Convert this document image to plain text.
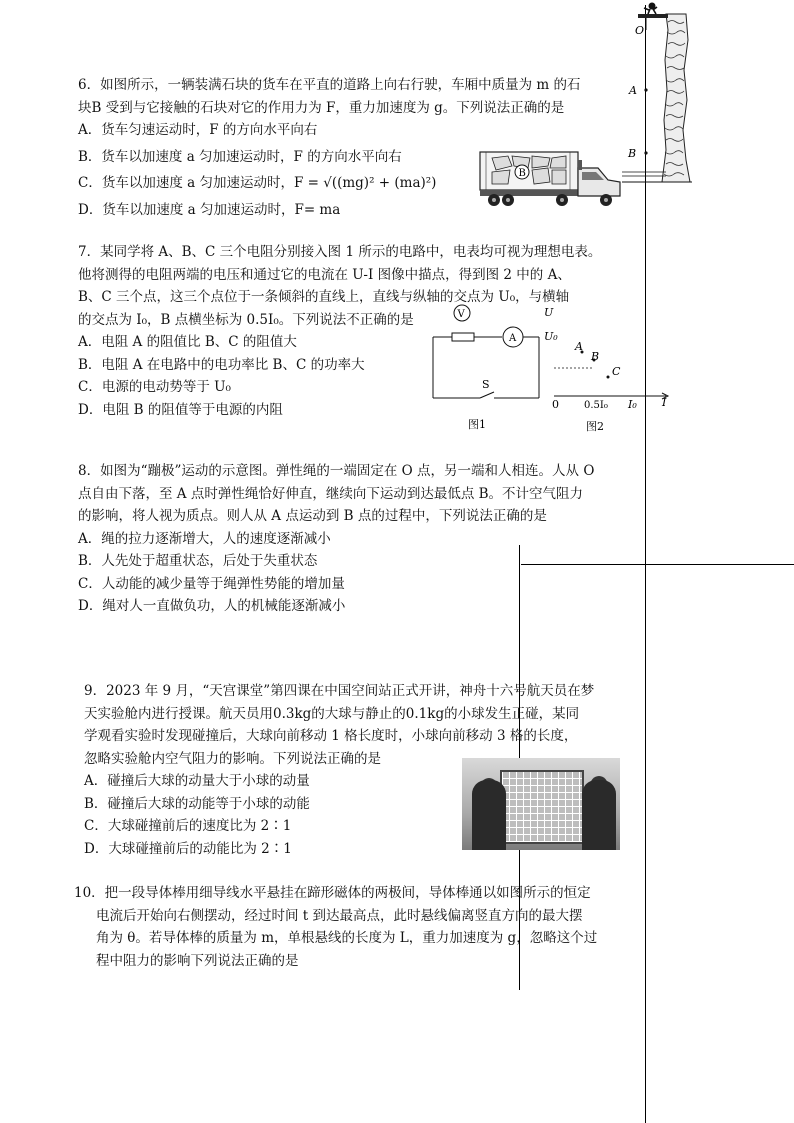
O
A
B

6．如图所示，一辆装满石块的货车在平直的道路上向右行驶，车厢中质量为 m 的石

块B 受到与它接触的石块对它的作用力为 F，重力加速度为 g。下列说法正确的是

A．货车匀速运动时，F 的方向水平向右

B．货车以加速度 a 匀加速运动时，F 的方向水平向右

C．货车以加速度 a 匀加速运动时，F = √((mg)² + (ma)²)

D．货车以加速度 a 匀加速运动时，F= ma

B

7．某同学将 A、B、C 三个电阻分别接入图 1 所示的电路中，电表均可视为理想电表。

他将测得的电阻两端的电压和通过它的电流在 U-I 图像中描点，得到图 2 中的 A、

B、C 三个点，这三个点位于一条倾斜的直线上，直线与纵轴的交点为 U₀，与横轴

的交点为 I₀，B 点横坐标为 0.5I₀。下列说法不正确的是

A．电阻 A 的阻值比 B、C 的阻值大

B．电阻 A 在电路中的电功率比 B、C 的功率大

C．电源的电动势等于 U₀

D．电阻 B 的阻值等于电源的内阻

V
A
S
图1
U
U₀
I
0	0.5I₀ I₀
A
B
C
图2

8．如图为“蹦极”运动的示意图。弹性绳的一端固定在 O 点，另一端和人相连。人从 O

点自由下落，至 A 点时弹性绳恰好伸直，继续向下运动到达最低点 B。不计空气阻力

的影响，将人视为质点。则人从 A 点运动到 B 点的过程中，下列说法正确的是

A．绳的拉力逐渐增大，人的速度逐渐减小

B．人先处于超重状态，后处于失重状态

C．人动能的减少量等于绳弹性势能的增加量

D．绳对人一直做负功，人的机械能逐渐减小

9．2023 年 9 月，“天宫课堂”第四课在中国空间站正式开讲，神舟十六号航天员在梦

天实验舱内进行授课。航天员用0.3kg的大球与静止的0.1kg的小球发生正碰，某同

学观看实验时发现碰撞后，大球向前移动 1 格长度时，小球向前移动 3 格的长度，

忽略实验舱内空气阻力的影响。下列说法正确的是

A．碰撞后大球的动量大于小球的动量

B．碰撞后大球的动能等于小球的动能

C．大球碰撞前后的速度比为 2∶1

D．大球碰撞前后的动能比为 2∶1

10．把一段导体棒用细导线水平悬挂在蹄形磁体的两极间，导体棒通以如图所示的恒定

电流后开始向右侧摆动，经过时间 t 到达最高点，此时悬线偏离竖直方向的最大摆

角为 θ。若导体棒的质量为 m，单根悬线的长度为 L，重力加速度为 g，忽略这个过

程中阻力的影响下列说法正确的是
